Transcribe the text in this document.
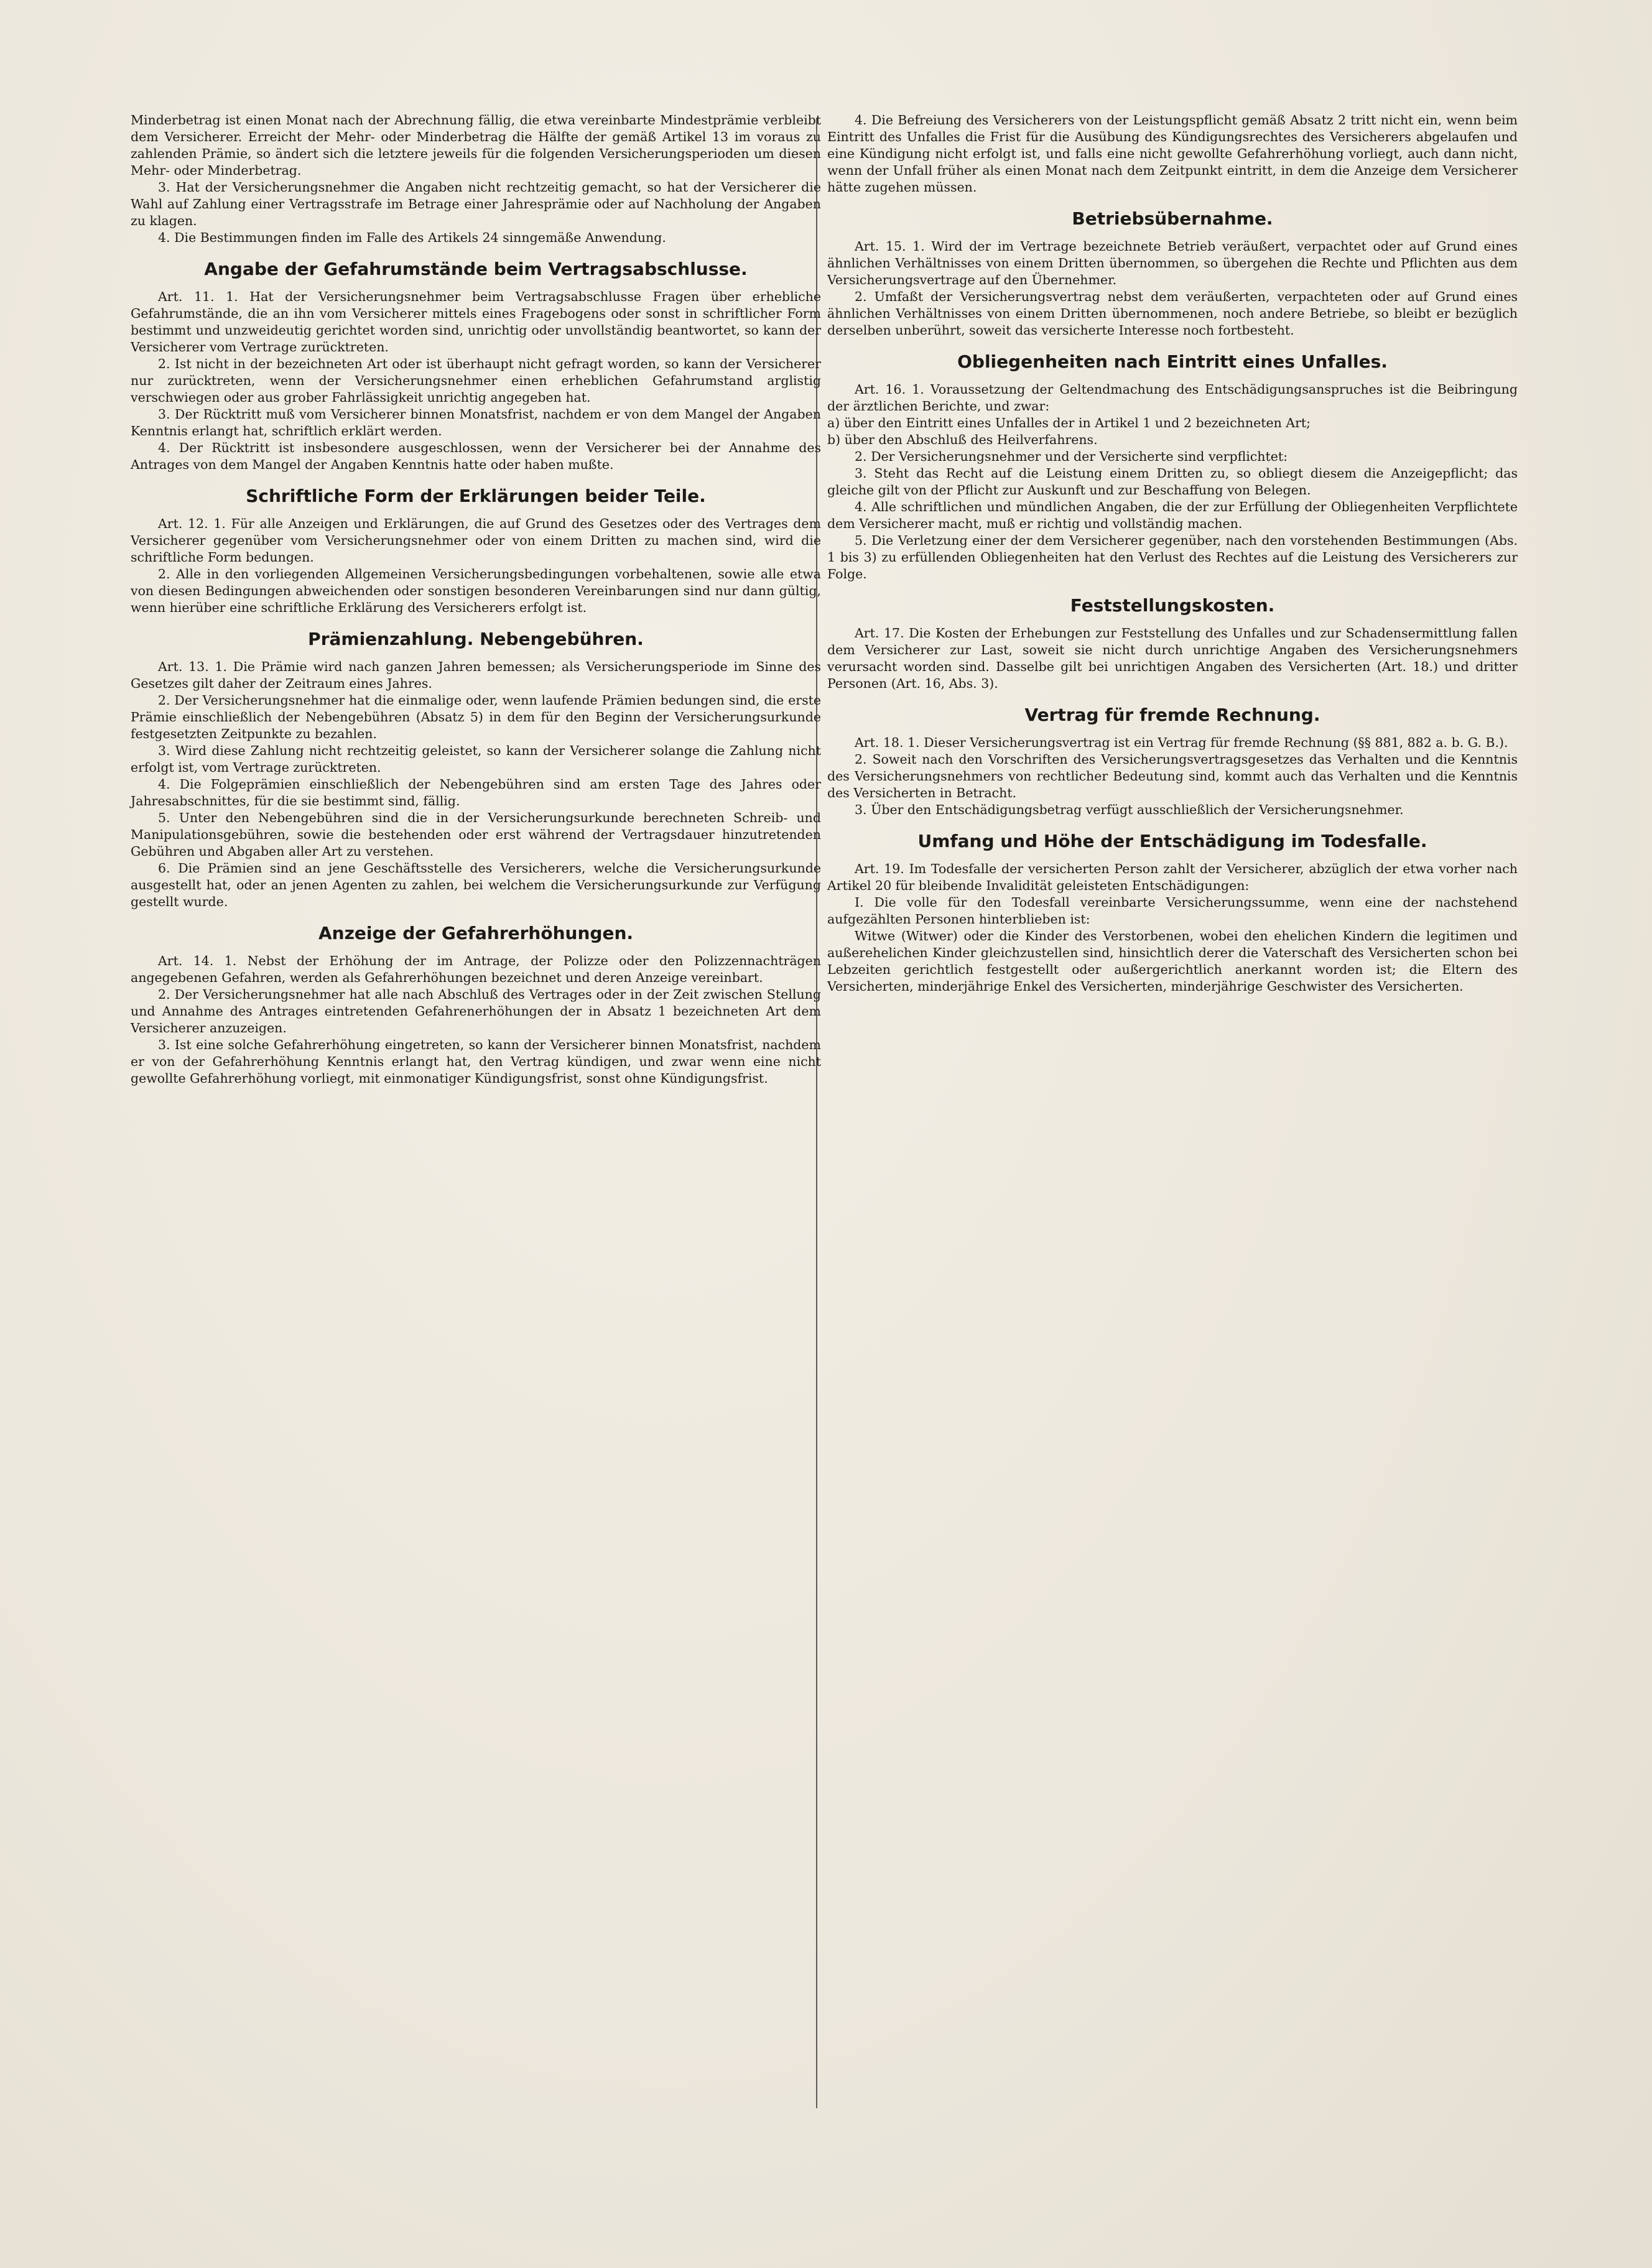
Minderbetrag ist einen Monat nach der Abrechnung fällig, die etwa vereinbarte Mindestprämie verbleibt dem Versicherer. Erreicht der Mehr- oder Minderbetrag die Hälfte der gemäß Artikel 13 im voraus zu zahlenden Prämie, so ändert sich die letztere jeweils für die folgenden Versicherungsperioden um diesen Mehr- oder Minderbetrag.

3. Hat der Versicherungsnehmer die Angaben nicht rechtzeitig gemacht, so hat der Versicherer die Wahl auf Zahlung einer Vertragsstrafe im Betrage einer Jahresprämie oder auf Nachholung der Angaben zu klagen.

4. Die Bestimmungen finden im Falle des Artikels 24 sinngemäße Anwendung.

Angabe der Gefahrumstände beim Vertragsabschlusse.

Art. 11. 1. Hat der Versicherungsnehmer beim Vertragsabschlusse Fragen über erhebliche Gefahrumstände, die an ihn vom Versicherer mittels eines Fragebogens oder sonst in schriftlicher Form bestimmt und unzweideutig gerichtet worden sind, unrichtig oder unvollständig beantwortet, so kann der Versicherer vom Vertrage zurücktreten.

2. Ist nicht in der bezeichneten Art oder ist überhaupt nicht gefragt worden, so kann der Versicherer nur zurücktreten, wenn der Versicherungsnehmer einen erheblichen Gefahrumstand arglistig verschwiegen oder aus grober Fahrlässigkeit unrichtig angegeben hat.

3. Der Rücktritt muß vom Versicherer binnen Monatsfrist, nachdem er von dem Mangel der Angaben Kenntnis erlangt hat, schriftlich erklärt werden.

4. Der Rücktritt ist insbesondere ausgeschlossen, wenn der Versicherer bei der Annahme des Antrages von dem Mangel der Angaben Kenntnis hatte oder haben mußte.

Schriftliche Form der Erklärungen beider Teile.

Art. 12. 1. Für alle Anzeigen und Erklärungen, die auf Grund des Gesetzes oder des Vertrages dem Versicherer gegenüber vom Versicherungsnehmer oder von einem Dritten zu machen sind, wird die schriftliche Form bedungen.

2. Alle in den vorliegenden Allgemeinen Versicherungsbedingungen vorbehaltenen, sowie alle etwa von diesen Bedingungen abweichenden oder sonstigen besonderen Vereinbarungen sind nur dann gültig, wenn hierüber eine schriftliche Erklärung des Versicherers erfolgt ist.

Prämienzahlung. Nebengebühren.

Art. 13. 1. Die Prämie wird nach ganzen Jahren bemessen; als Versicherungsperiode im Sinne des Gesetzes gilt daher der Zeitraum eines Jahres.

2. Der Versicherungsnehmer hat die einmalige oder, wenn laufende Prämien bedungen sind, die erste Prämie einschließlich der Nebengebühren (Absatz 5) in dem für den Beginn der Versicherungsurkunde festgesetzten Zeitpunkte zu bezahlen.

3. Wird diese Zahlung nicht rechtzeitig geleistet, so kann der Versicherer solange die Zahlung nicht erfolgt ist, vom Vertrage zurücktreten.

4. Die Folgeprämien einschließlich der Nebengebühren sind am ersten Tage des Jahres oder Jahresabschnittes, für die sie bestimmt sind, fällig.

5. Unter den Nebengebühren sind die in der Versicherungsurkunde berechneten Schreib- und Manipulationsgebühren, sowie die bestehenden oder erst während der Vertragsdauer hinzutretenden Gebühren und Abgaben aller Art zu verstehen.

6. Die Prämien sind an jene Geschäftsstelle des Versicherers, welche die Versicherungsurkunde ausgestellt hat, oder an jenen Agenten zu zahlen, bei welchem die Versicherungsurkunde zur Verfügung gestellt wurde.

Anzeige der Gefahrerhöhungen.

Art. 14. 1. Nebst der Erhöhung der im Antrage, der Polizze oder den Polizzennachträgen angegebenen Gefahren, werden als Gefahrerhöhungen bezeichnet und deren Anzeige vereinbart.

2. Der Versicherungsnehmer hat alle nach Abschluß des Vertrages oder in der Zeit zwischen Stellung und Annahme des Antrages eintretenden Gefahrenerhöhungen der in Absatz 1 bezeichneten Art dem Versicherer anzuzeigen.

3. Ist eine solche Gefahrerhöhung eingetreten, so kann der Versicherer binnen Monatsfrist, nachdem er von der Gefahrerhöhung Kenntnis erlangt hat, den Vertrag kündigen, und zwar wenn eine nicht gewollte Gefahrerhöhung vorliegt, mit einmonatiger Kündigungsfrist, sonst ohne Kündigungsfrist.

4. Die Befreiung des Versicherers von der Leistungspflicht gemäß Absatz 2 tritt nicht ein, wenn beim Eintritt des Unfalles die Frist für die Ausübung des Kündigungsrechtes des Versicherers abgelaufen und eine Kündigung nicht erfolgt ist, und falls eine nicht gewollte Gefahrerhöhung vorliegt, auch dann nicht, wenn der Unfall früher als einen Monat nach dem Zeitpunkt eintritt, in dem die Anzeige dem Versicherer hätte zugehen müssen.

Betriebsübernahme.

Art. 15. 1. Wird der im Vertrage bezeichnete Betrieb veräußert, verpachtet oder auf Grund eines ähnlichen Verhältnisses von einem Dritten übernommen, so übergehen die Rechte und Pflichten aus dem Versicherungsvertrage auf den Übernehmer.

2. Umfaßt der Versicherungsvertrag nebst dem veräußerten, verpachteten oder auf Grund eines ähnlichen Verhältnisses von einem Dritten übernommenen, noch andere Betriebe, so bleibt er bezüglich derselben unberührt, soweit das versicherte Interesse noch fortbesteht.

Obliegenheiten nach Eintritt eines Unfalles.

Art. 16. 1. Voraussetzung der Geltendmachung des Entschädigungsanspruches ist die Beibringung der ärztlichen Berichte, und zwar:

a) über den Eintritt eines Unfalles der in Artikel 1 und 2 bezeichneten Art;

b) über den Abschluß des Heilverfahrens.

2. Der Versicherungsnehmer und der Versicherte sind verpflichtet:

3. Steht das Recht auf die Leistung einem Dritten zu, so obliegt diesem die Anzeigepflicht; das gleiche gilt von der Pflicht zur Auskunft und zur Beschaffung von Belegen.

4. Alle schriftlichen und mündlichen Angaben, die der zur Erfüllung der Obliegenheiten Verpflichtete dem Versicherer macht, muß er richtig und vollständig machen.

5. Die Verletzung einer der dem Versicherer gegenüber, nach den vorstehenden Bestimmungen (Abs. 1 bis 3) zu erfüllenden Obliegenheiten hat den Verlust des Rechtes auf die Leistung des Versicherers zur Folge.

Feststellungskosten.

Art. 17. Die Kosten der Erhebungen zur Feststellung des Unfalles und zur Schadensermittlung fallen dem Versicherer zur Last, soweit sie nicht durch unrichtige Angaben des Versicherungsnehmers verursacht worden sind. Dasselbe gilt bei unrichtigen Angaben des Versicherten (Art. 18.) und dritter Personen (Art. 16, Abs. 3).

Vertrag für fremde Rechnung.

Art. 18. 1. Dieser Versicherungsvertrag ist ein Vertrag für fremde Rechnung (§§ 881, 882 a. b. G. B.).

2. Soweit nach den Vorschriften des Versicherungsvertragsgesetzes das Verhalten und die Kenntnis des Versicherungsnehmers von rechtlicher Bedeutung sind, kommt auch das Verhalten und die Kenntnis des Versicherten in Betracht.

3. Über den Entschädigungsbetrag verfügt ausschließlich der Versicherungsnehmer.

Umfang und Höhe der Entschädigung im Todesfalle.

Art. 19. Im Todesfalle der versicherten Person zahlt der Versicherer, abzüglich der etwa vorher nach Artikel 20 für bleibende Invalidität geleisteten Entschädigungen:

I. Die volle für den Todesfall vereinbarte Versicherungssumme, wenn eine der nachstehend aufgezählten Personen hinterblieben ist:

Witwe (Witwer) oder die Kinder des Verstorbenen, wobei den ehelichen Kindern die legitimen und außerehelichen Kinder gleichzustellen sind, hinsichtlich derer die Vaterschaft des Versicherten schon bei Lebzeiten gerichtlich festgestellt oder außergerichtlich anerkannt worden ist; die Eltern des Versicherten, minderjährige Enkel des Versicherten, minderjährige Geschwister des Versicherten.
